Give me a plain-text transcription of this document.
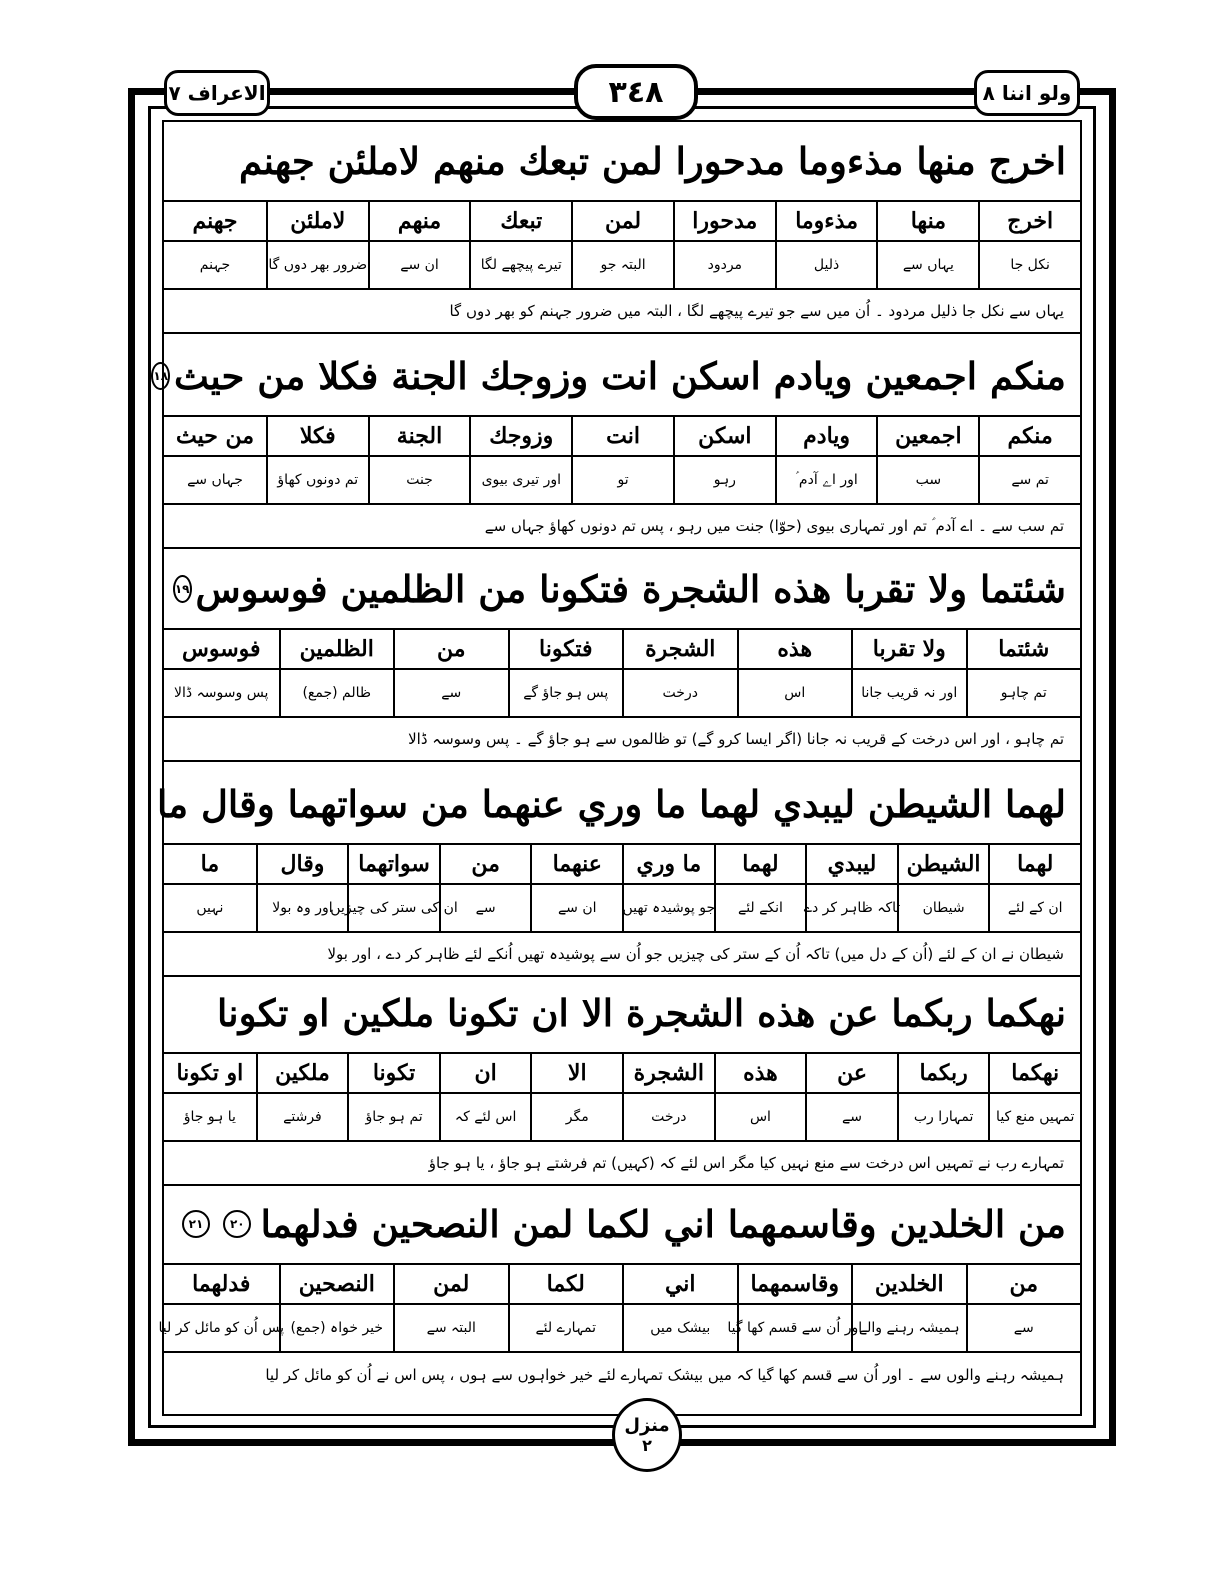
الاعراف ٧	٣٤٨	ولو اننا ٨
اخرج منها مذءوما مدحورا لمن تبعك منهم لاملئن جهنم
اخرج
منها
مذءوما
مدحورا
لمن
تبعك
منهم
لاملئن
جهنم
نکل جا
یہاں سے
ذلیل
مردود
البتہ جو
تیرے پیچھے لگا
ان سے
ضرور بھر دوں گا
جہنم
یہاں سے نکل جا ذلیل مردود ۔ اُن میں سے جو تیرے پیچھے لگا ، البتہ میں ضرور جہنم کو بھر دوں گا
منكم اجمعين ويادم اسكن انت وزوجك الجنة فكلا من حيث
١٨
منكم
اجمعين
ويادم
اسكن
انت
وزوجك
الجنة
فكلا
من حيث
تم سے
سب
اور اے آدم ؑ
رہو
تو
اور تیری بیوی
جنت
تم دونوں کھاؤ
جہاں سے
تم سب سے ۔ اے آدم ؑ تم اور تمہاری بیوی (حوّا) جنت میں رہو ، پس تم دونوں کھاؤ جہاں سے
شئتما ولا تقربا هذه الشجرة فتكونا من الظلمين فوسوس
١٩
شئتما
ولا تقربا
هذه
الشجرة
فتكونا
من
الظلمين
فوسوس
تم چاہو
اور نہ قریب جانا
اس
درخت
پس ہو جاؤ گے
سے
ظالم (جمع)
پس وسوسہ ڈالا
تم چاہو ، اور اس درخت کے قریب نہ جانا (اگر ایسا کرو گے) تو ظالموں سے ہو جاؤ گے ۔ پس وسوسہ ڈالا
لهما الشيطن ليبدي لهما ما وري عنهما من سواتهما وقال ما
لهما
الشيطن
ليبدي
لهما
ما وري
عنهما
من
سواتهما
وقال
ما
ان کے لئے
شیطان
تاکہ ظاہر کر دے
انکے لئے
جو پوشیدہ تھیں
ان سے
سے
ان کی ستر کی چیزیں
اور وہ بولا
نہیں
شیطان نے ان کے لئے (اُن کے دل میں) تاکہ اُن کے ستر کی چیزیں جو اُن سے پوشیدہ تھیں اُنکے لئے ظاہر کر دے ، اور بولا
نهكما ربكما عن هذه الشجرة الا ان تكونا ملكين او تكونا
نهكما
ربكما
عن
هذه
الشجرة
الا
ان
تكونا
ملكين
او تكونا
تمہیں منع کیا
تمہارا رب
سے
اس
درخت
مگر
اس لئے کہ
تم ہو جاؤ
فرشتے
یا ہو جاؤ
تمہارے رب نے تمہیں اس درخت سے منع نہیں کیا مگر اس لئے کہ (کہیں) تم فرشتے ہو جاؤ ، یا ہو جاؤ
من الخلدين وقاسمهما اني لكما لمن النصحين فدلهما
٢٠
٢١
من
الخلدين
وقاسمهما
اني
لكما
لمن
النصحين
فدلهما
سے
ہمیشہ رہنے والے
اور اُن سے قسم کھا گیا
بیشک میں
تمہارے لئے
البتہ سے
خیر خواہ (جمع)
پس اُن کو مائل کر لیا
ہمیشہ رہنے والوں سے ۔ اور اُن سے قسم کھا گیا کہ میں بیشک تمہارے لئے خیر خواہوں سے ہوں ، پس اس نے اُن کو مائل کر لیا
منزل
٢
